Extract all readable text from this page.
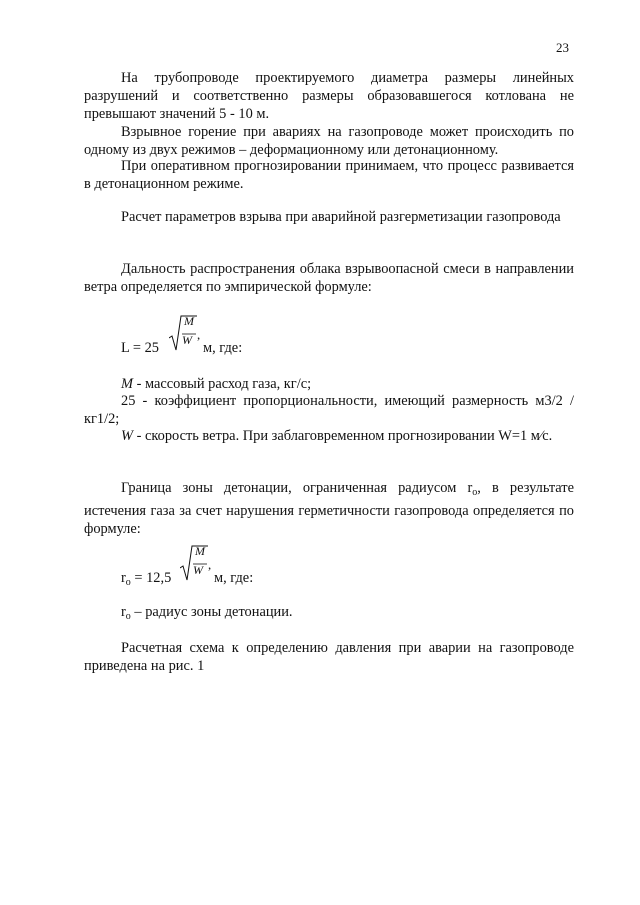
23

На трубопроводе проектируемого диаметра размеры линейных разрушений и соответственно размеры образовавшегося котлована не превышают значений 5 - 10 м.

Взрывное горение при авариях на газопроводе может происходить по одному из двух режимов – деформационному или детонационному.

При оперативном прогнозировании принимаем, что процесс развивается в детонационном режиме.

Расчет параметров взрыва при аварийной разгерметизации газопровода

Дальность распространения облака взрывоопасной смеси в направлении ветра определяется по эмпирической формуле:

L = 25
M
W ,
м, где:

M - массовый расход газа, кг/с;

25 - коэффициент пропорциональности, имеющий размерность м3/2 / кг1/2;

W - скорость ветра. При заблаговременном прогнозировании W=1 м∕с.

Граница зоны детонации, ограниченная радиусом $r_o$, в результате истечения газа за счет нарушения герметичности газопровода определяется по формуле:

$r_o = 12,5$
M
W ,
м, где:

$r_o$ – радиус зоны детонации.

Расчетная схема к определению давления при аварии на газопроводе приведена на рис. 1
